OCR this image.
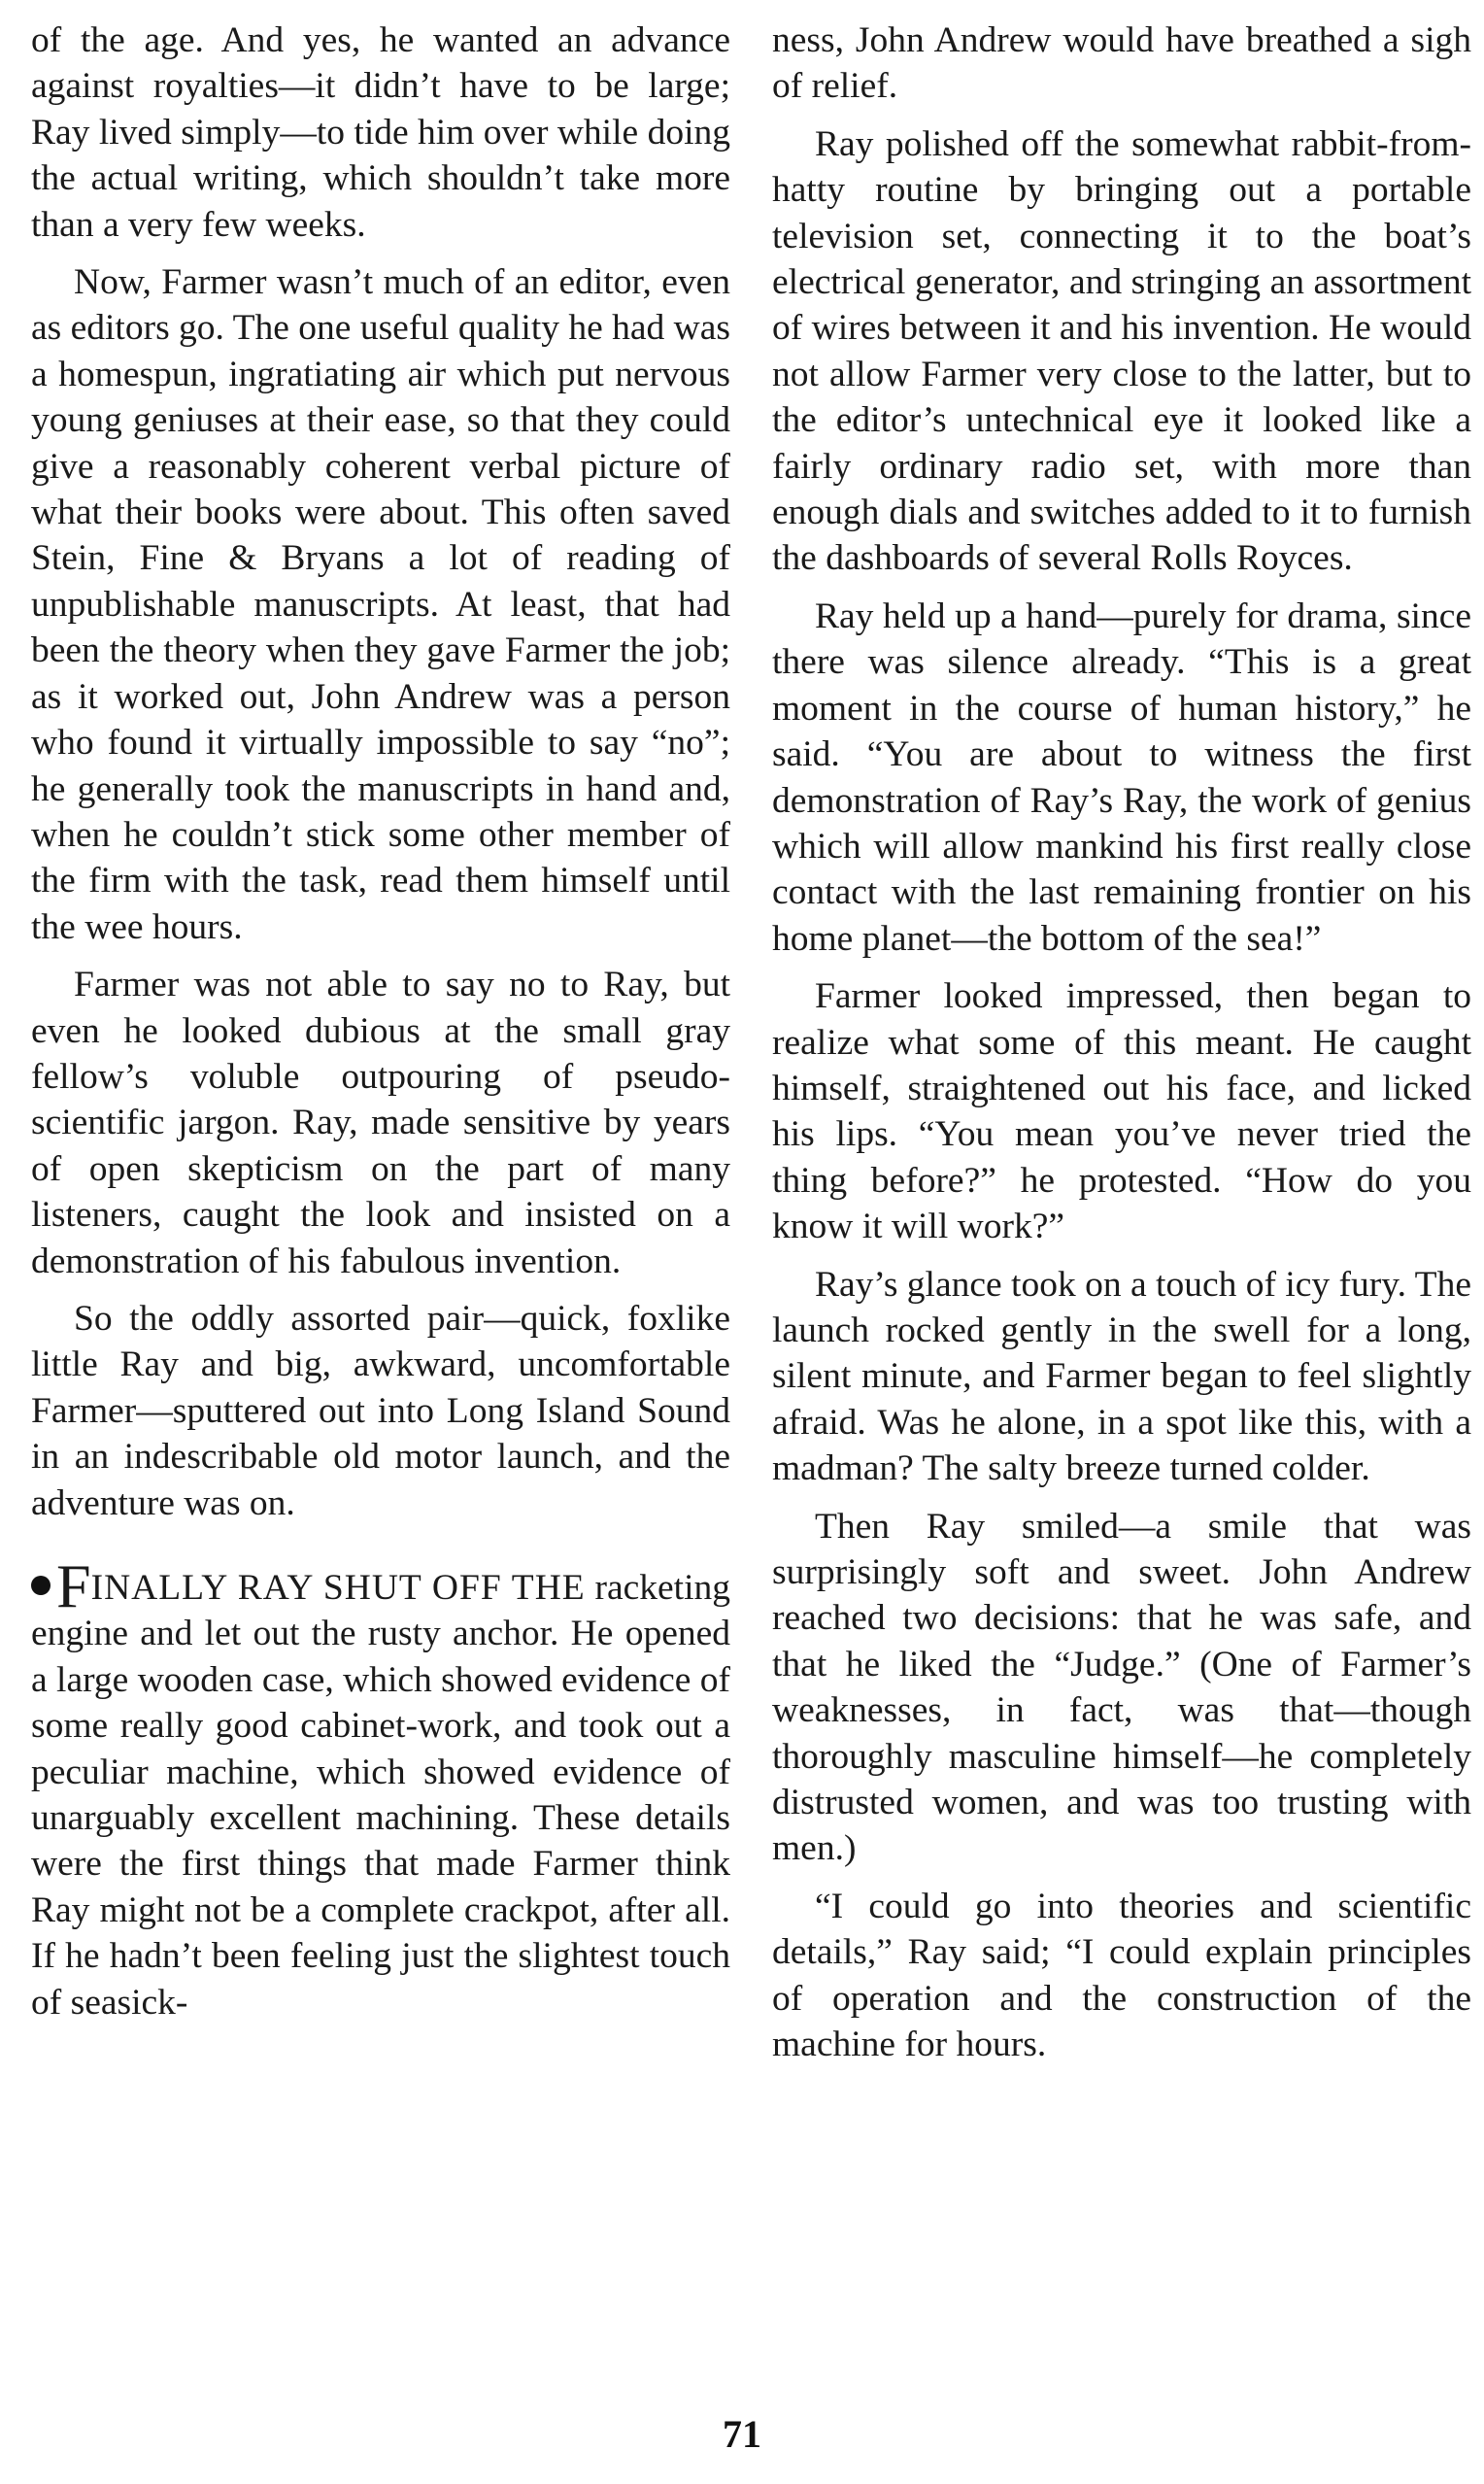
of the age. And yes, he wanted an advance against royalties—it didn’t have to be large; Ray lived simply—to tide him over while doing the actual writing, which shouldn’t take more than a very few weeks.

Now, Farmer wasn’t much of an editor, even as editors go. The one useful quality he had was a homespun, ingratiating air which put nervous young geniuses at their ease, so that they could give a reasonably coherent verbal picture of what their books were about. This often saved Stein, Fine & Bryans a lot of reading of unpublishable manuscripts. At least, that had been the theory when they gave Farmer the job; as it worked out, John Andrew was a person who found it virtually impossible to say “no”; he generally took the manuscripts in hand and, when he couldn’t stick some other member of the firm with the task, read them himself until the wee hours.

Farmer was not able to say no to Ray, but even he looked dubious at the small gray fellow’s voluble outpouring of pseudo-scientific jargon. Ray, made sensitive by years of open skepticism on the part of many listeners, caught the look and insisted on a demonstration of his fabulous invention.

So the oddly assorted pair—quick, foxlike little Ray and big, awkward, uncomfortable Farmer—sputtered out into Long Island Sound in an indescribable old motor launch, and the adventure was on.

FINALLY RAY SHUT OFF THE racketing engine and let out the rusty anchor. He opened a large wooden case, which showed evidence of some really good cabinet-work, and took out a peculiar machine, which showed evidence of unarguably excellent machining. These details were the first things that made Farmer think Ray might not be a complete crackpot, after all. If he hadn’t been feeling just the slightest touch of seasick-

ness, John Andrew would have breathed a sigh of relief.

Ray polished off the somewhat rabbit-from-hatty routine by bringing out a portable television set, connecting it to the boat’s electrical generator, and stringing an assortment of wires between it and his invention. He would not allow Farmer very close to the latter, but to the editor’s untechnical eye it looked like a fairly ordinary radio set, with more than enough dials and switches added to it to furnish the dashboards of several Rolls Royces.

Ray held up a hand—purely for drama, since there was silence already. “This is a great moment in the course of human history,” he said. “You are about to witness the first demonstration of Ray’s Ray, the work of genius which will allow mankind his first really close contact with the last remaining frontier on his home planet—the bottom of the sea!”

Farmer looked impressed, then began to realize what some of this meant. He caught himself, straightened out his face, and licked his lips. “You mean you’ve never tried the thing before?” he protested. “How do you know it will work?”

Ray’s glance took on a touch of icy fury. The launch rocked gently in the swell for a long, silent minute, and Farmer began to feel slightly afraid. Was he alone, in a spot like this, with a madman? The salty breeze turned colder.

Then Ray smiled—a smile that was surprisingly soft and sweet. John Andrew reached two decisions: that he was safe, and that he liked the “Judge.” (One of Farmer’s weaknesses, in fact, was that—though thoroughly masculine himself—he completely distrusted women, and was too trusting with men.)

“I could go into theories and scientific details,” Ray said; “I could explain principles of operation and the construction of the machine for hours.

71
